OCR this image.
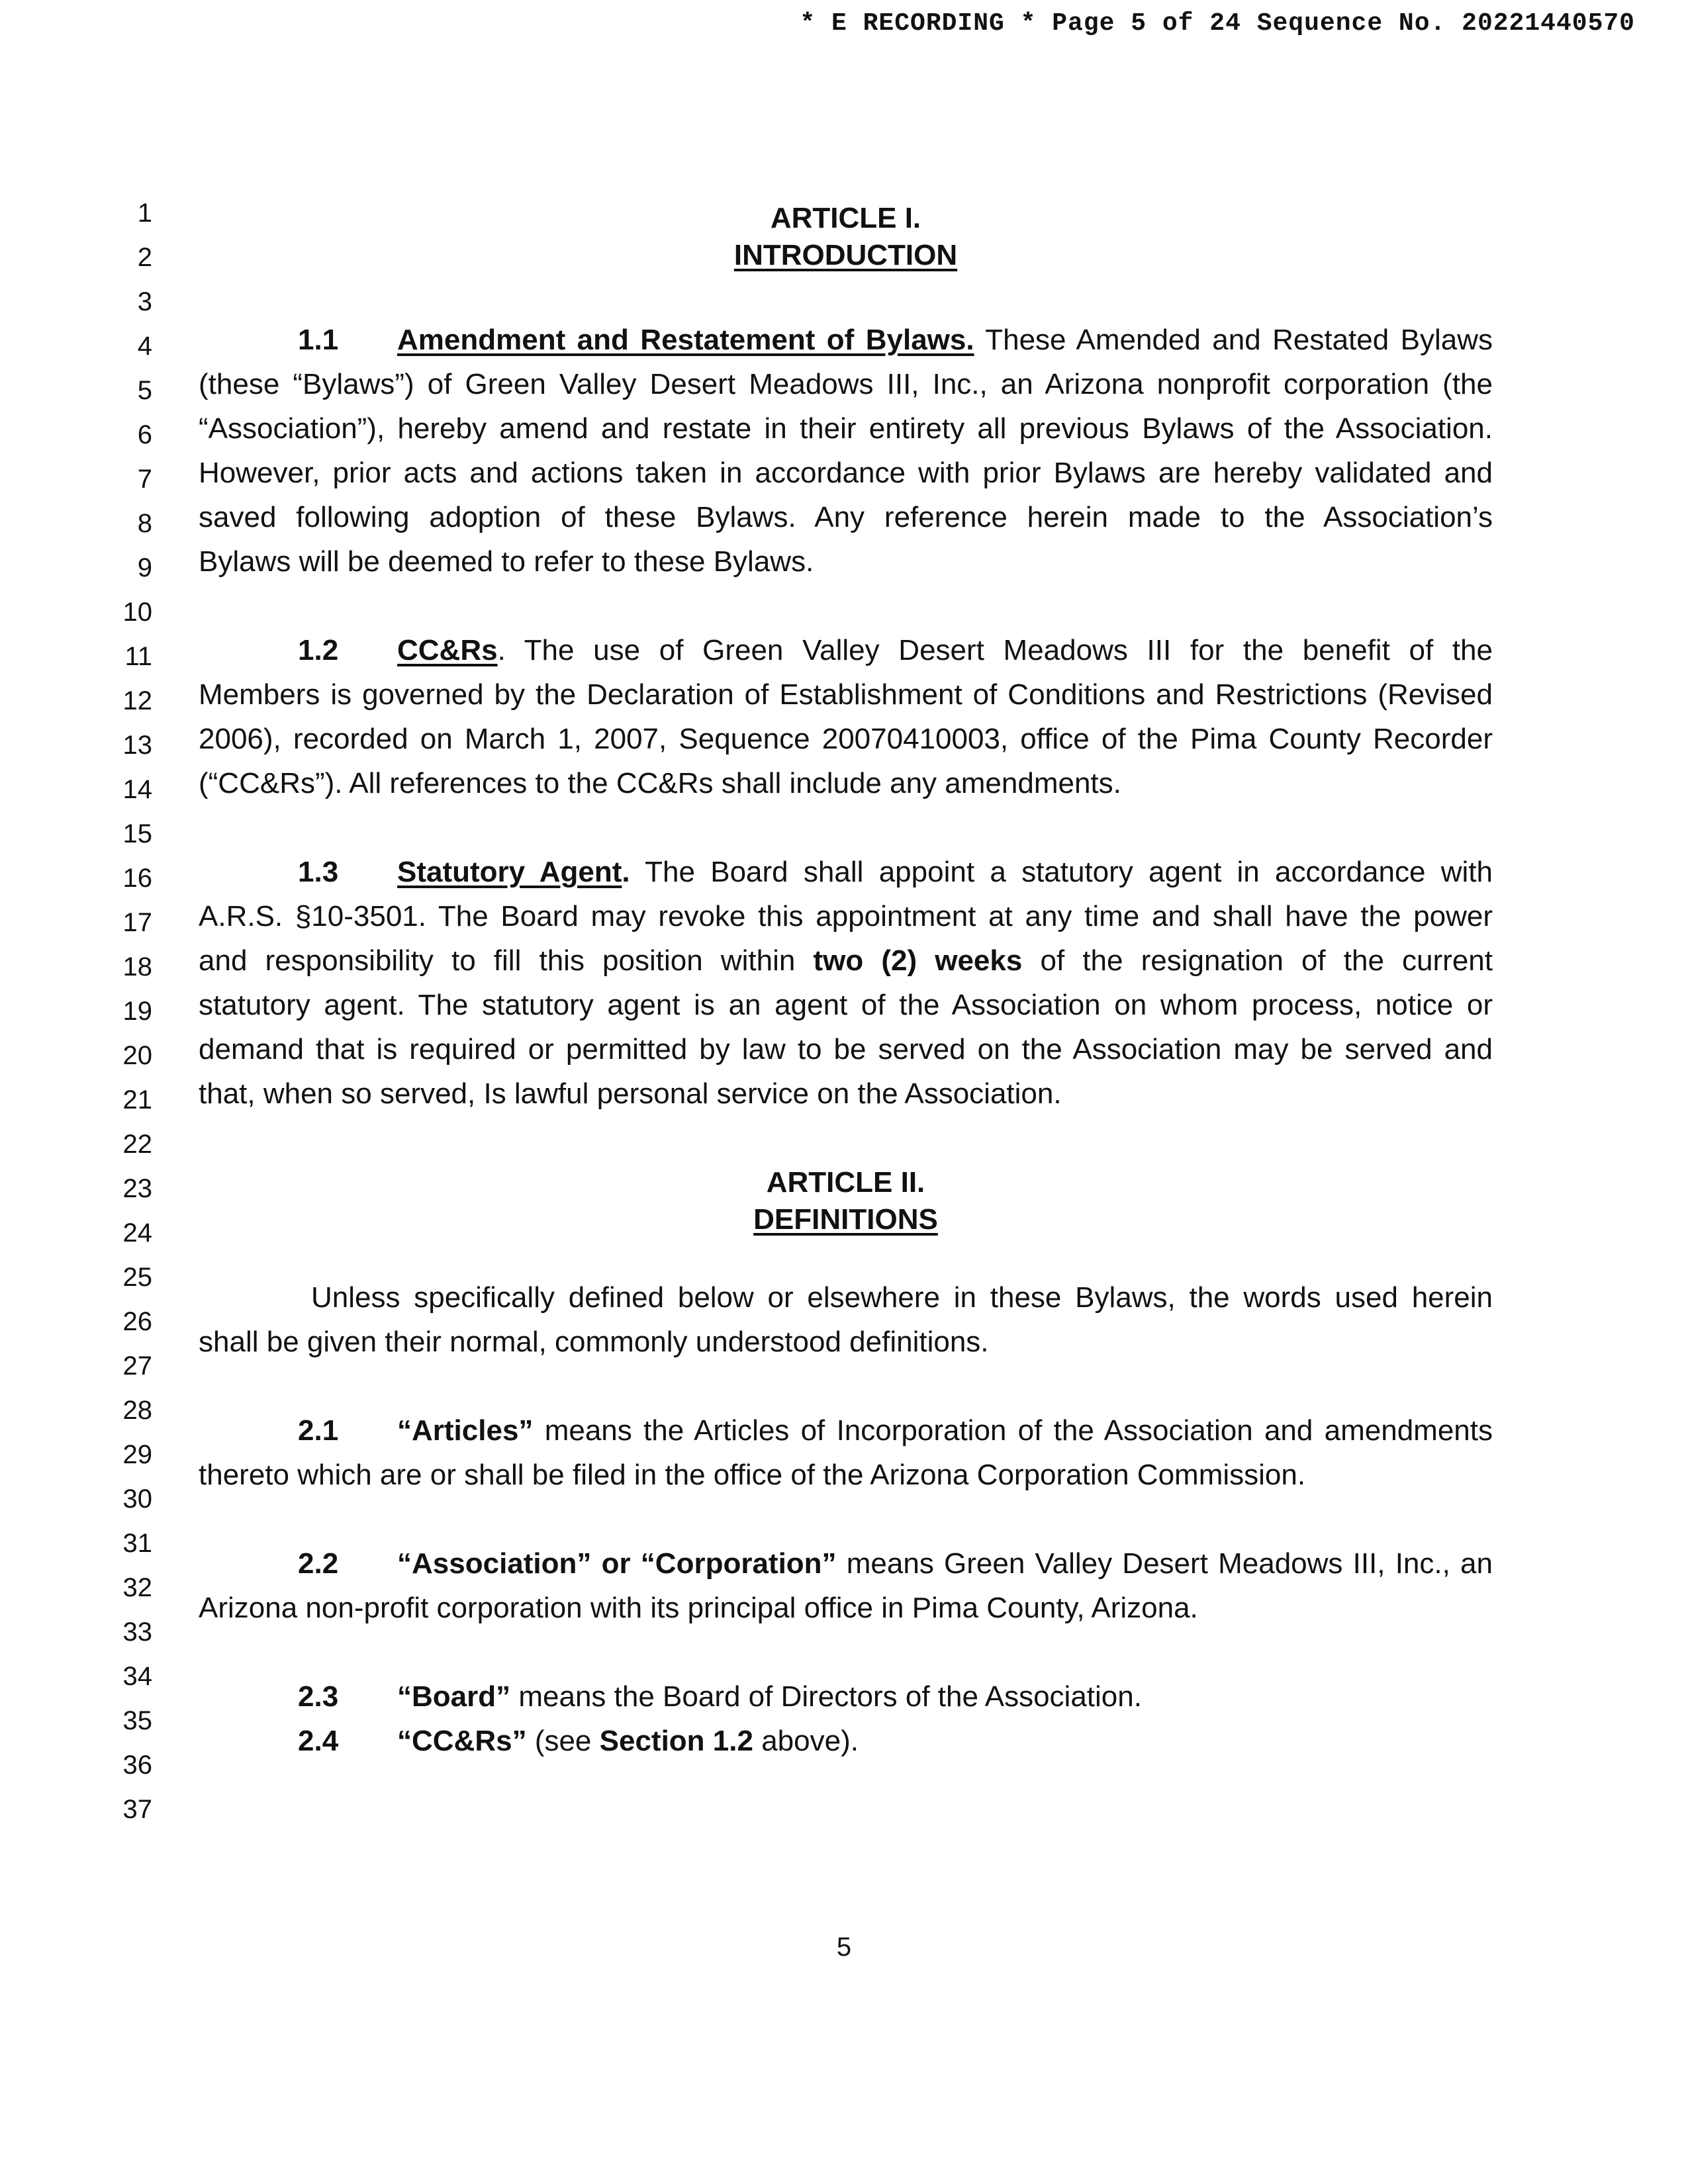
* E RECORDING * Page 5 of 24 Sequence No. 20221440570
1
2
3
4
5
6
7
8
9
10
11
12
13
14
15
16
17
18
19
20
21
22
23
24
25
26
27
28
29
30
31
32
33
34
35
36
37
ARTICLE I.
INTRODUCTION
1.1 Amendment and Restatement of Bylaws. These Amended and Restated Bylaws
(these “Bylaws”) of Green Valley Desert Meadows III, Inc., an Arizona nonprofit corporation (the
“Association”), hereby amend and restate in their entirety all previous Bylaws of the Association.
However, prior acts and actions taken in accordance with prior Bylaws are hereby validated and
saved following adoption of these Bylaws. Any reference herein made to the Association’s
Bylaws will be deemed to refer to these Bylaws.
1.2 CC&Rs. The use of Green Valley Desert Meadows III for the benefit of the
Members is governed by the Declaration of Establishment of Conditions and Restrictions (Revised
2006), recorded on March 1, 2007, Sequence 20070410003, office of the Pima County Recorder
(“CC&Rs”). All references to the CC&Rs shall include any amendments.
1.3 Statutory Agent. The Board shall appoint a statutory agent in accordance with
A.R.S. §10-3501. The Board may revoke this appointment at any time and shall have the power
and responsibility to fill this position within two (2) weeks of the resignation of the current
statutory agent. The statutory agent is an agent of the Association on whom process, notice or
demand that is required or permitted by law to be served on the Association may be served and
that, when so served, Is lawful personal service on the Association.
ARTICLE II.
DEFINITIONS
Unless specifically defined below or elsewhere in these Bylaws, the words used herein
shall be given their normal, commonly understood definitions.
2.1 “Articles” means the Articles of Incorporation of the Association and amendments
thereto which are or shall be filed in the office of the Arizona Corporation Commission.
2.2 “Association” or “Corporation” means Green Valley Desert Meadows III, Inc., an
Arizona non-profit corporation with its principal office in Pima County, Arizona.
2.3 “Board” means the Board of Directors of the Association.
2.4 “CC&Rs” (see Section 1.2 above).
5
